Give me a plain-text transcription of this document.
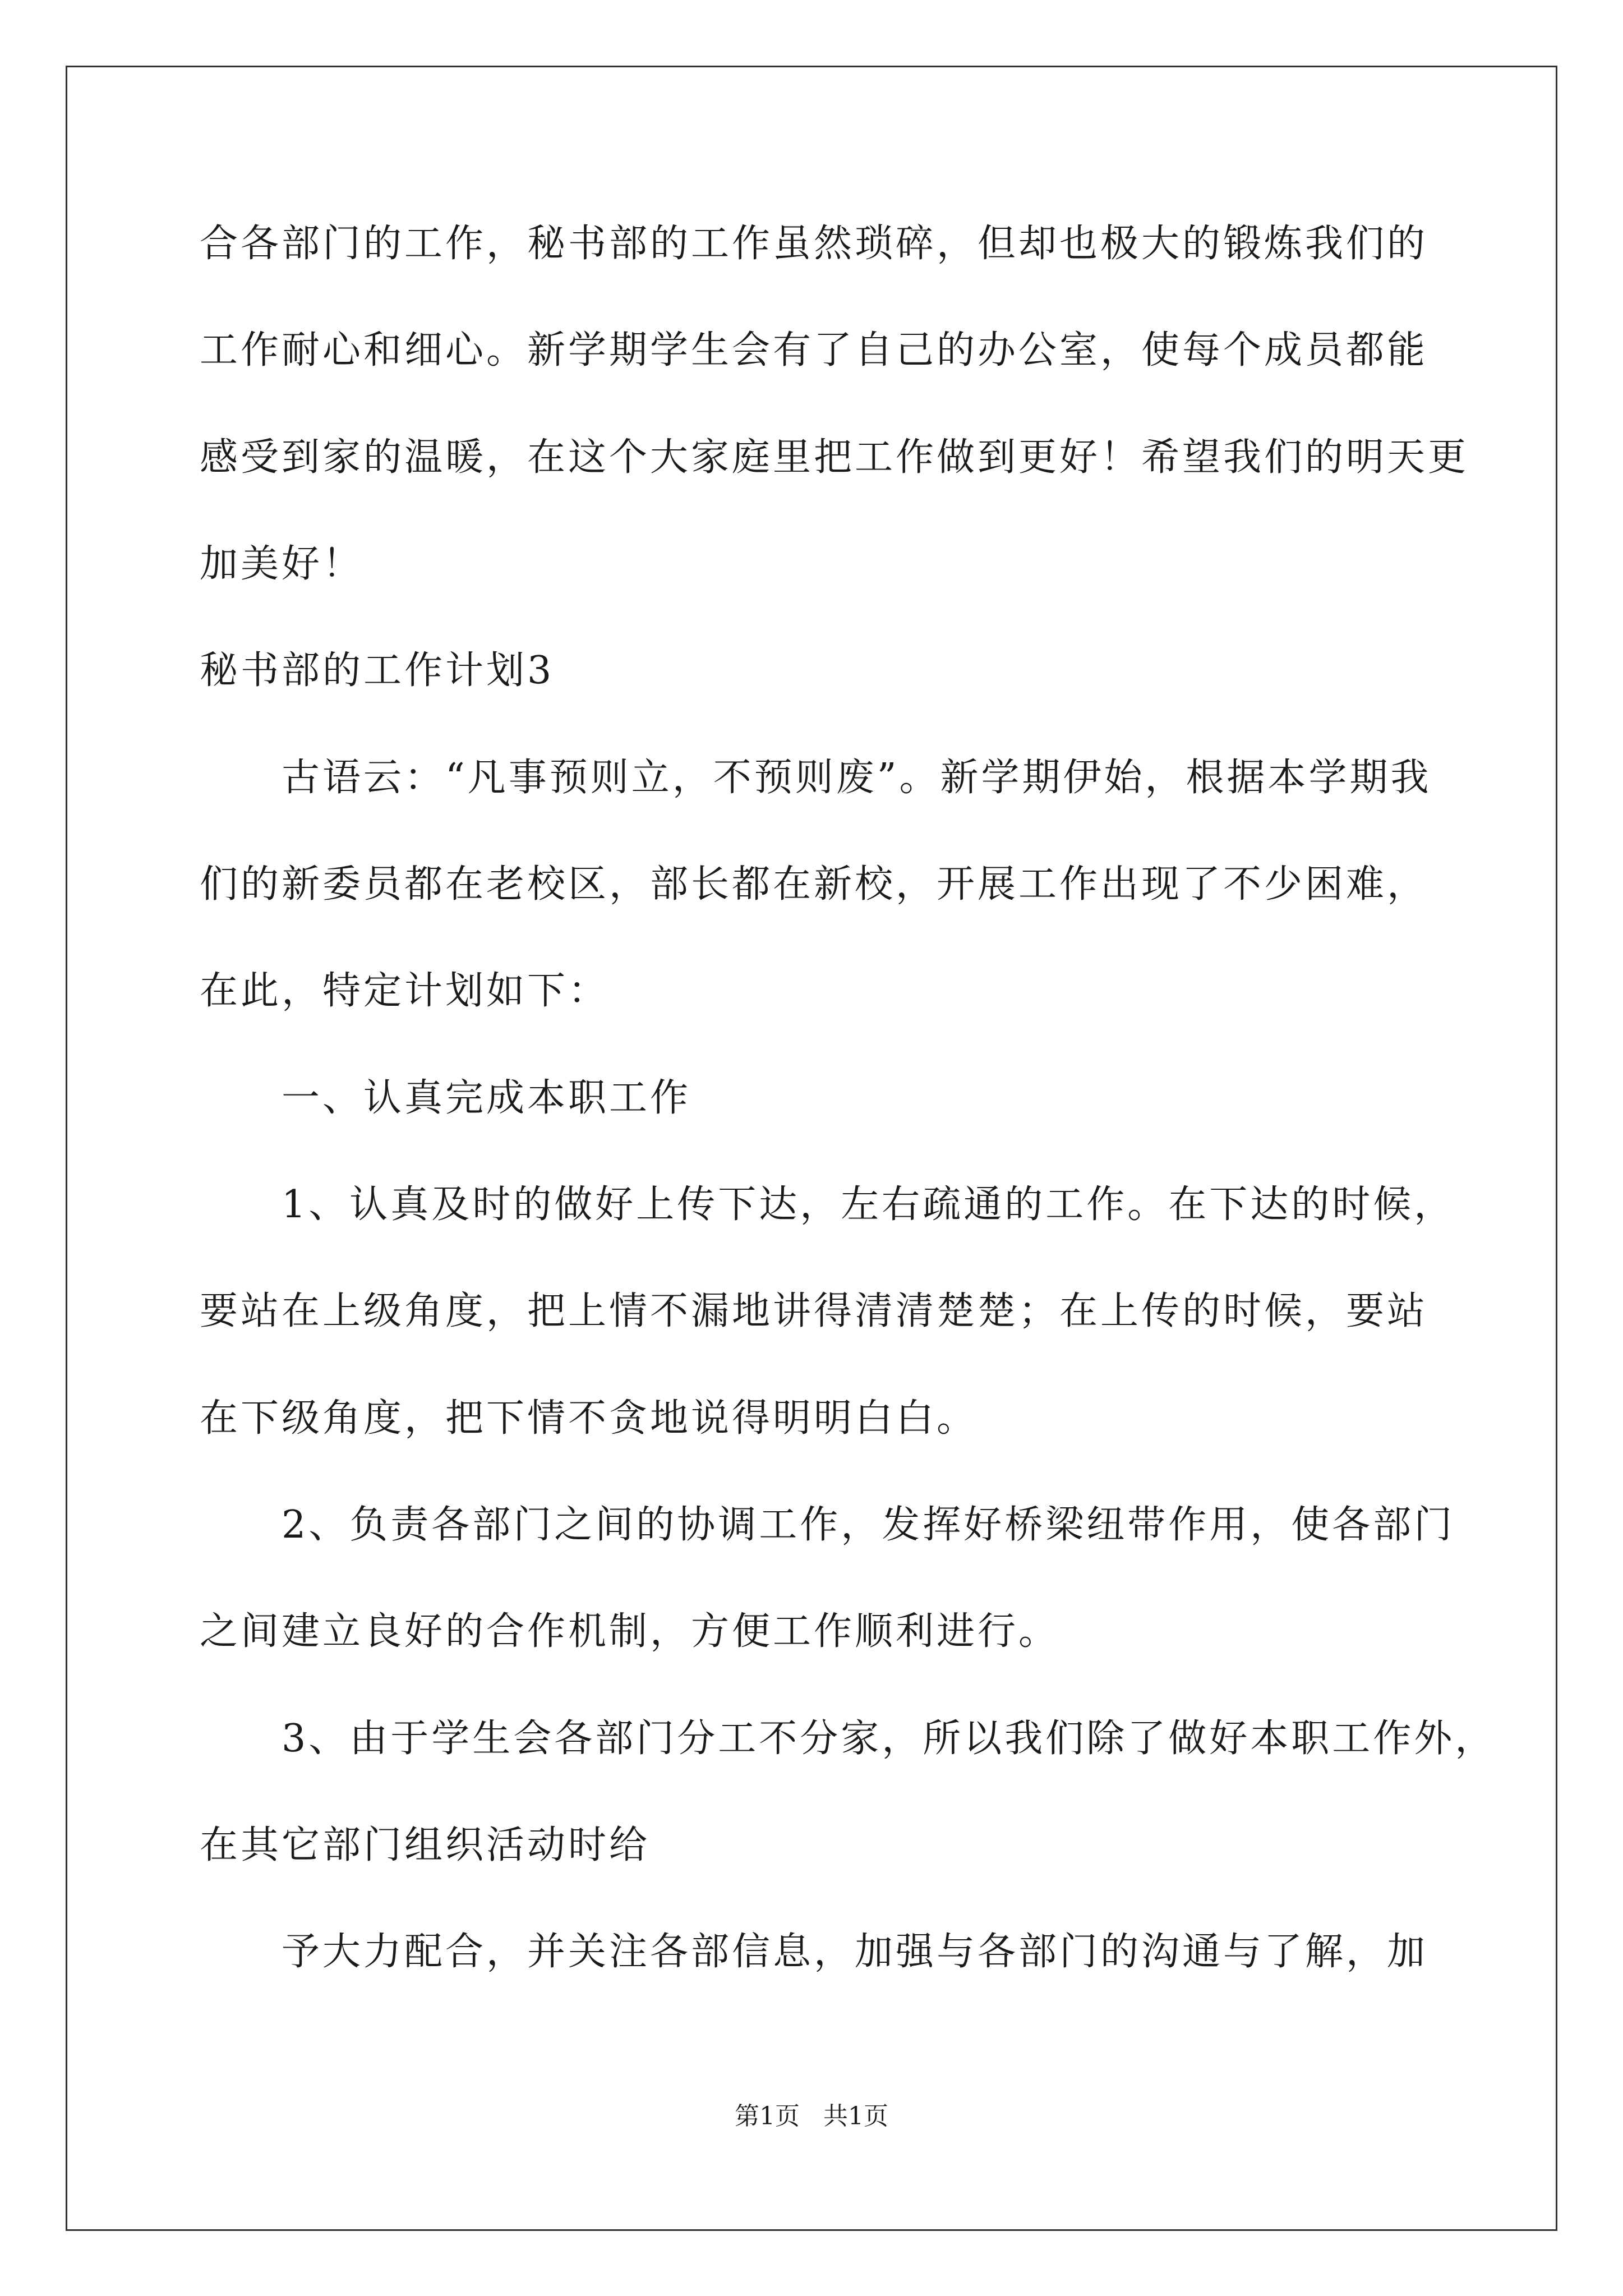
合各部门的工作，秘书部的工作虽然琐碎，但却也极大的锻炼我们的
工作耐心和细心。新学期学生会有了自己的办公室，使每个成员都能
感受到家的温暖，在这个大家庭里把工作做到更好！希望我们的明天更
加美好！
秘书部的工作计划3
古语云：“凡事预则立，不预则废”。新学期伊始，根据本学期我
们的新委员都在老校区，部长都在新校，开展工作出现了不少困难，
在此，特定计划如下：
一、认真完成本职工作
1、认真及时的做好上传下达，左右疏通的工作。在下达的时候，
要站在上级角度，把上情不漏地讲得清清楚楚；在上传的时候，要站
在下级角度，把下情不贪地说得明明白白。
2、负责各部门之间的协调工作，发挥好桥梁纽带作用，使各部门
之间建立良好的合作机制，方便工作顺利进行。
3、由于学生会各部门分工不分家，所以我们除了做好本职工作外，
在其它部门组织活动时给
予大力配合，并关注各部信息，加强与各部门的沟通与了解，加
第1页   共1页
